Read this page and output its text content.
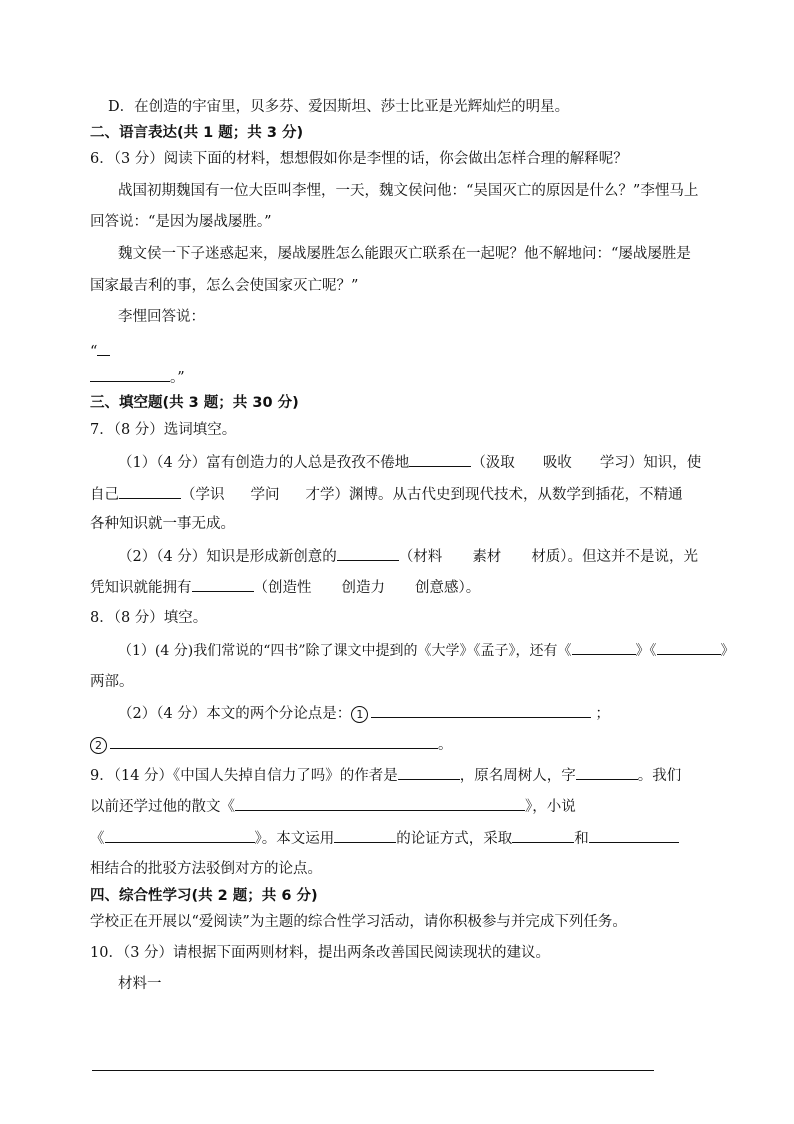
D．在创造的宇宙里，贝多芬、爱因斯坦、莎士比亚是光辉灿烂的明星。
二、语言表达(共 1 题；共 3 分)
6．（3 分）阅读下面的材料，想想假如你是李悝的话，你会做出怎样合理的解释呢？
战国初期魏国有一位大臣叫李悝，一天，魏文侯问他：“吴国灭亡的原因是什么？”李悝马上
回答说：“是因为屡战屡胜。”
魏文侯一下子迷惑起来，屡战屡胜怎么能跟灭亡联系在一起呢？他不解地问：“屡战屡胜是
国家最吉利的事，怎么会使国家灭亡呢？”
李悝回答说：
“
。”
三、填空题(共 3 题；共 30 分)
7．（8 分）选词填空。
（1）（4 分）富有创造力的人总是孜孜不倦地	（汲取 吸收 学习）知识，使
自己	（学识 学问 才学）渊博。从古代史到现代技术，从数学到插花，不精通
各种知识就一事无成。
（2）（4 分）知识是形成新创意的	（材料 素材 材质）。但这并不是说，光
凭知识就能拥有	（创造性 创造力 创意感）。
8．（8 分）填空。
（1）(4 分)我们常说的“四书”除了课文中提到的《大学》《孟子》，还有《	》《	》
两部。
（2）（4 分）本文的两个分论点是： 1	；
2	。
9．（14 分）《中国人失掉自信力了吗》的作者是	，原名周树人，字	。我们
以前还学过他的散文《	》，小说
《	》。本文运用	的论证方式，采取	和
相结合的批驳方法驳倒对方的论点。
四、综合性学习(共 2 题；共 6 分)
学校正在开展以“爱阅读”为主题的综合性学习活动，请你积极参与并完成下列任务。
10．（3 分）请根据下面两则材料，提出两条改善国民阅读现状的建议。
材料一
